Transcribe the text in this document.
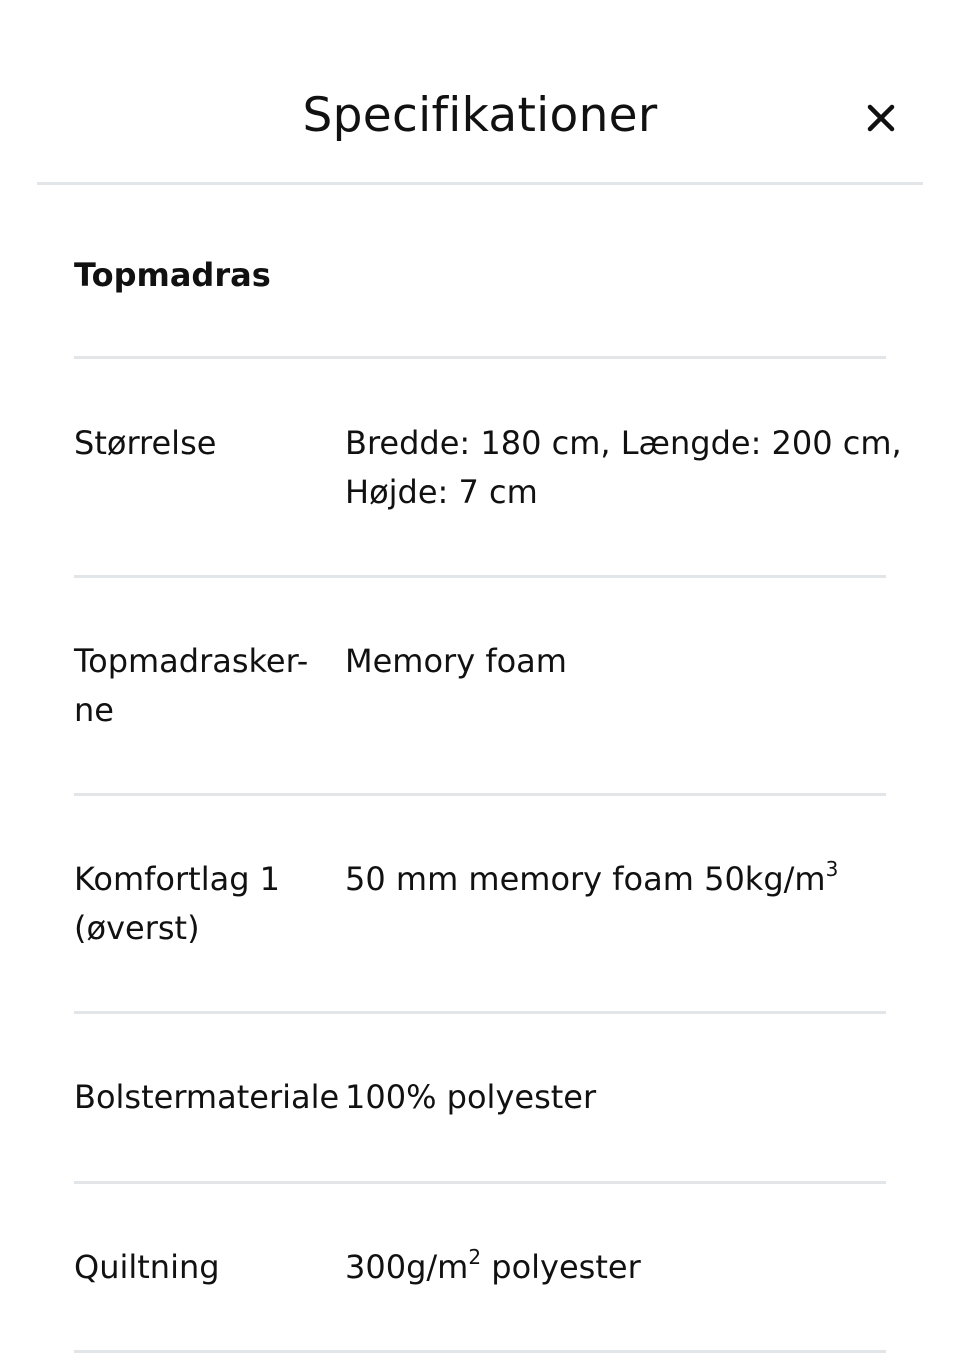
Specifikationer
Topmadras
Størrelse	Bredde: 180 cm, Længde: 200 cm,
Højde: 7 cm
Topmadrasker-
ne
Memory foam
Komfortlag 1
(øverst)
50 mm memory foam $50kg/m^3$
Bolstermateriale 100% polyester
Quiltning	$300g/m^2$ polyester
